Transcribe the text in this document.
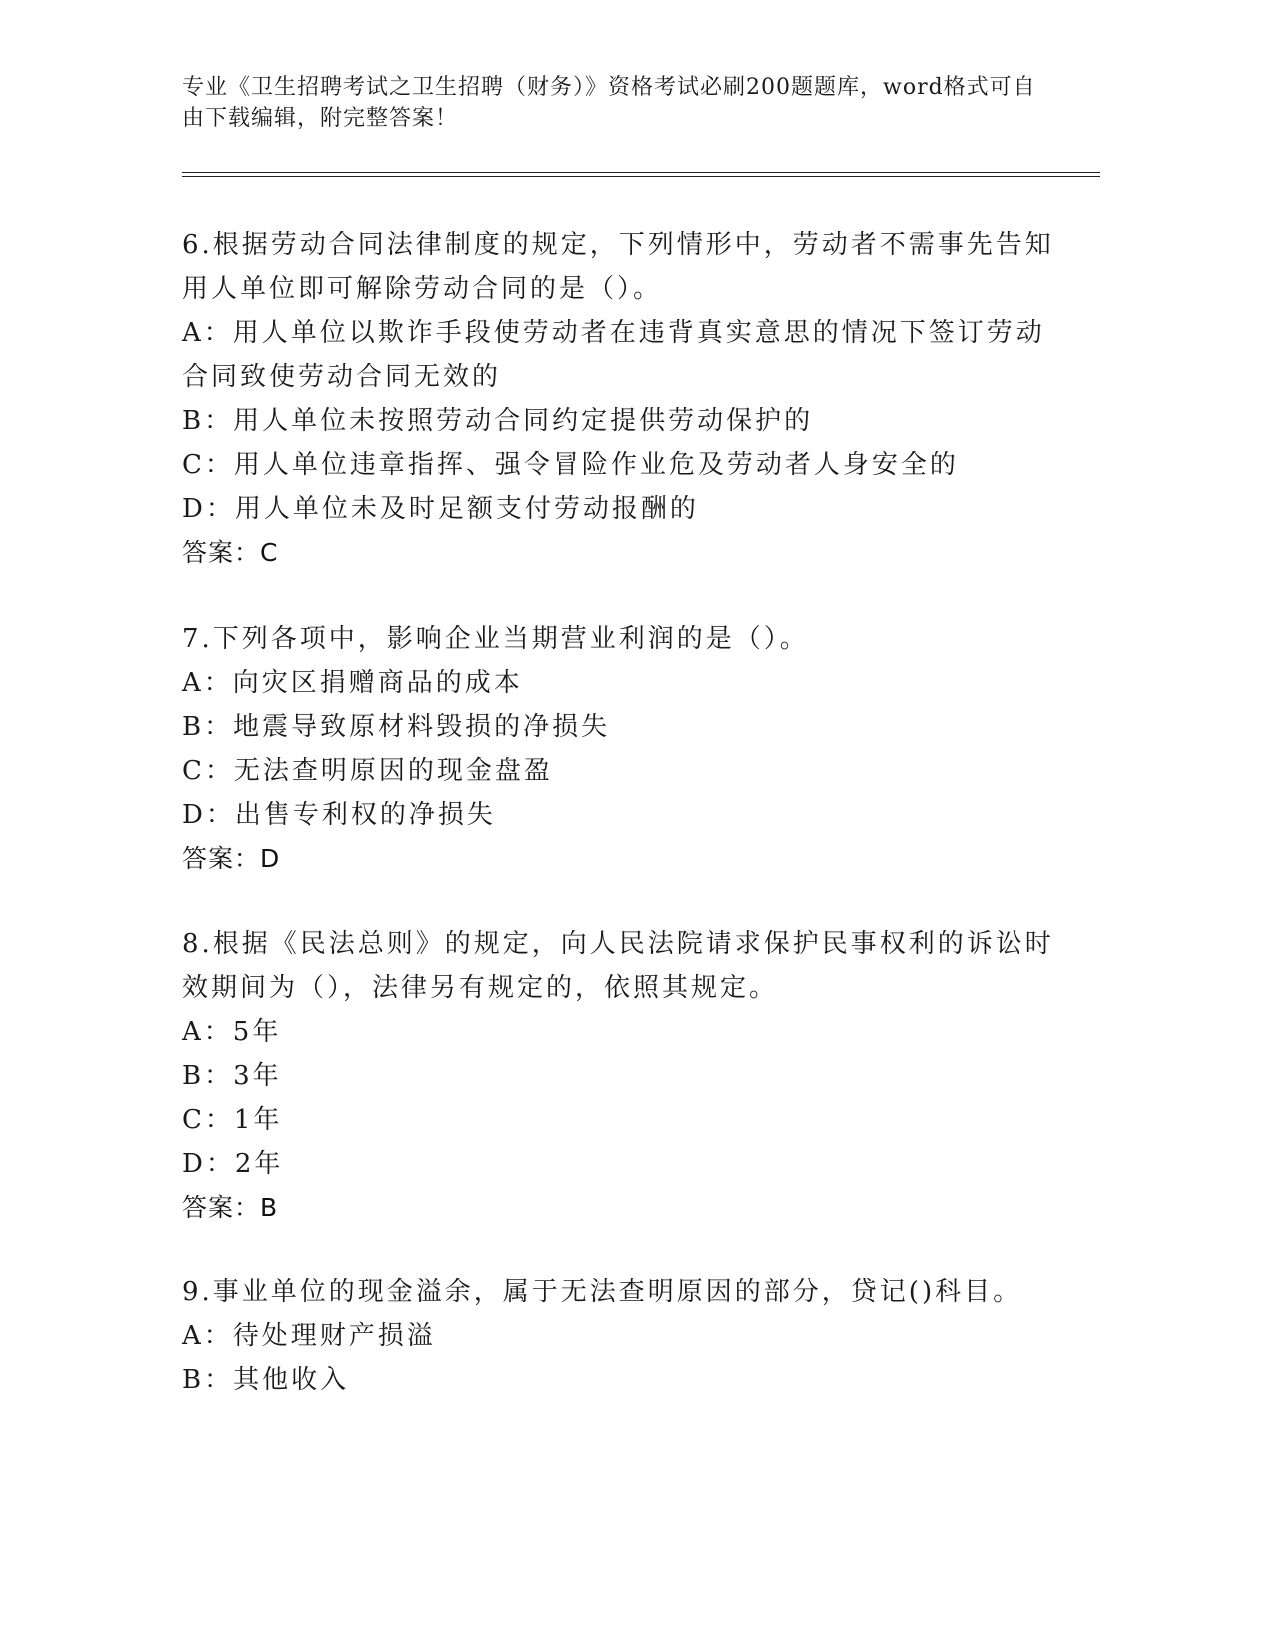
专业《卫生招聘考试之卫生招聘（财务）》资格考试必刷200题题库，word格式可自由下载编辑，附完整答案！
6.根据劳动合同法律制度的规定，下列情形中，劳动者不需事先告知用人单位即可解除劳动合同的是（）。
A：用人单位以欺诈手段使劳动者在违背真实意思的情况下签订劳动合同致使劳动合同无效的
B：用人单位未按照劳动合同约定提供劳动保护的
C：用人单位违章指挥、强令冒险作业危及劳动者人身安全的
D：用人单位未及时足额支付劳动报酬的
答案：C
7.下列各项中，影响企业当期营业利润的是（）。
A：向灾区捐赠商品的成本
B：地震导致原材料毁损的净损失
C：无法查明原因的现金盘盈
D：出售专利权的净损失
答案：D
8.根据《民法总则》的规定，向人民法院请求保护民事权利的诉讼时效期间为（），法律另有规定的，依照其规定。
A：5年
B：3年
C：1年
D：2年
答案：B
9.事业单位的现金溢余，属于无法查明原因的部分，贷记()科目。
A：待处理财产损溢
B：其他收入
